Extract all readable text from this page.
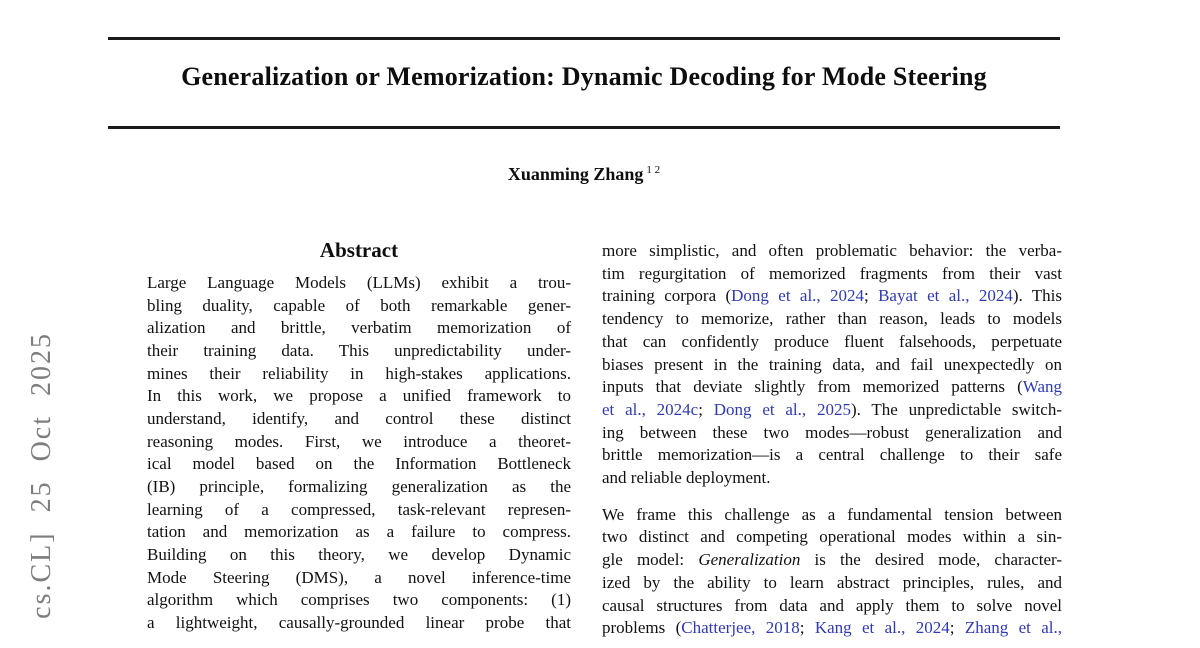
cs.CL] 25 Oct 2025
Generalization or Memorization: Dynamic Decoding for Mode Steering
Xuanming Zhang $^{1 2}$
Abstract
Large Language Models (LLMs) exhibit a trou-
bling duality, capable of both remarkable gener-
alization and brittle, verbatim memorization of
their training data. This unpredictability under-
mines their reliability in high-stakes applications.
In this work, we propose a unified framework to
understand, identify, and control these distinct
reasoning modes. First, we introduce a theoret-
ical model based on the Information Bottleneck
(IB) principle, formalizing generalization as the
learning of a compressed, task-relevant represen-
tation and memorization as a failure to compress.
Building on this theory, we develop Dynamic
Mode Steering (DMS), a novel inference-time
algorithm which comprises two components: (1)
a lightweight, causally-grounded linear probe that
more simplistic, and often problematic behavior: the verba-
tim regurgitation of memorized fragments from their vast
training corpora (Dong et al., 2024; Bayat et al., 2024). This
tendency to memorize, rather than reason, leads to models
that can confidently produce fluent falsehoods, perpetuate
biases present in the training data, and fail unexpectedly on
inputs that deviate slightly from memorized patterns (Wang
et al., 2024c; Dong et al., 2025). The unpredictable switch-
ing between these two modes—robust generalization and
brittle memorization—is a central challenge to their safe
and reliable deployment.
We frame this challenge as a fundamental tension between
two distinct and competing operational modes within a sin-
gle model: Generalization is the desired mode, character-
ized by the ability to learn abstract principles, rules, and
causal structures from data and apply them to solve novel
problems (Chatterjee, 2018; Kang et al., 2024; Zhang et al.,
